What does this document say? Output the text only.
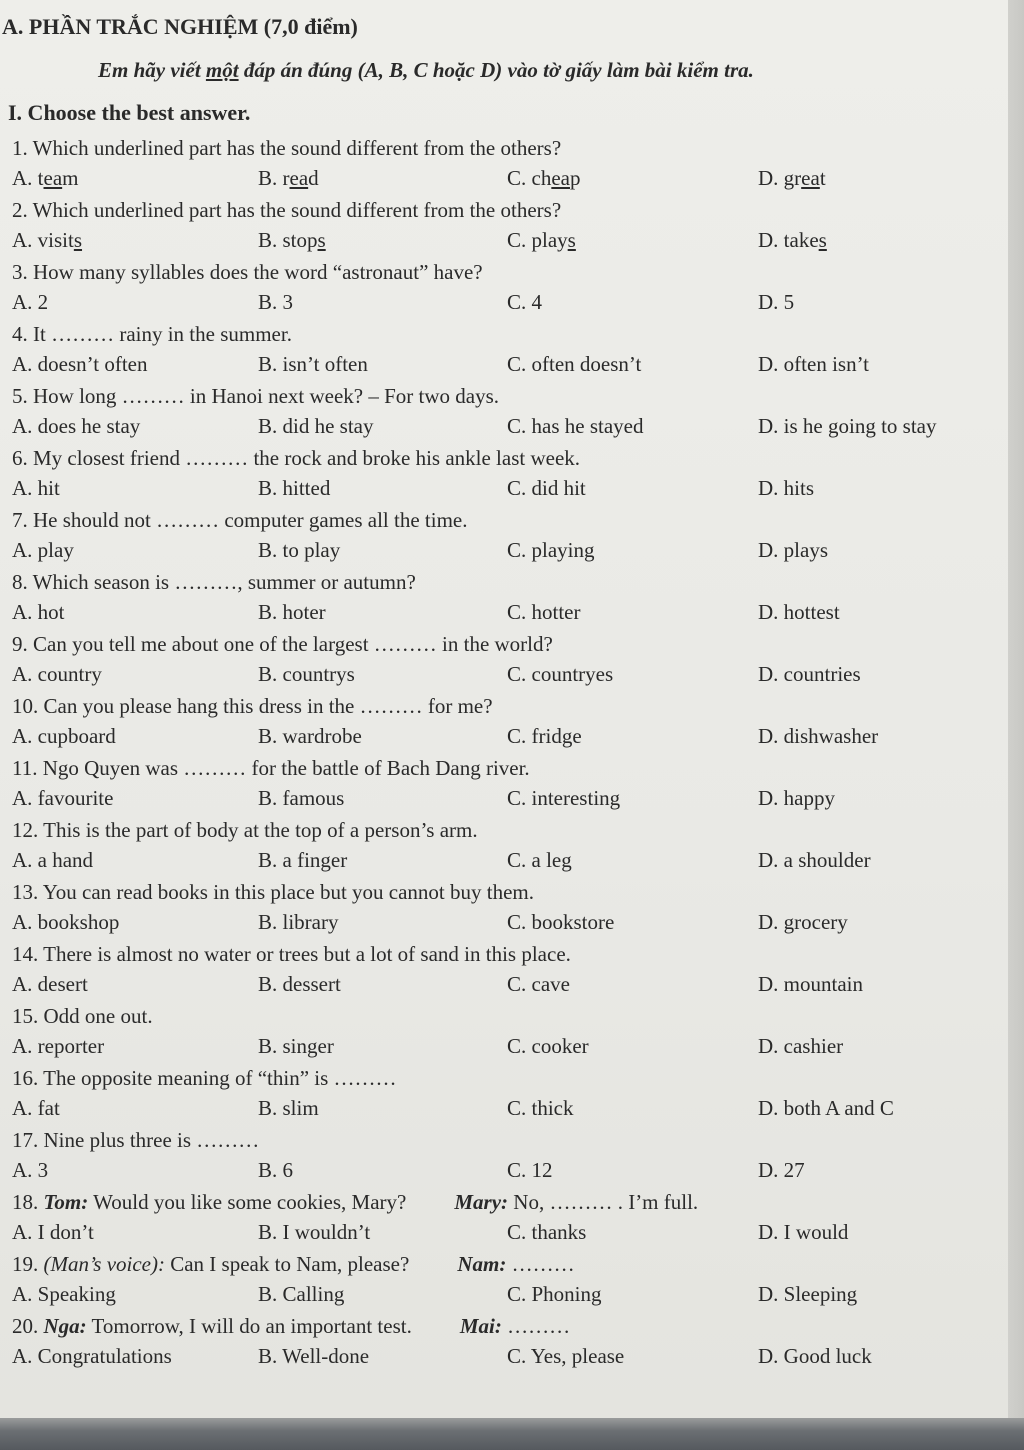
A. PHẦN TRẮC NGHIỆM (7,0 điểm)
Em hãy viết một đáp án đúng (A, B, C hoặc D) vào tờ giấy làm bài kiểm tra.
I. Choose the best answer.
1. Which underlined part has the sound different from the others?
A. team	B. read	C. cheap	D. great
2. Which underlined part has the sound different from the others?
A. visits	B. stops	C. plays	D. takes
3. How many syllables does the word “astronaut” have?
A. 2	B. 3	C. 4	D. 5
4. It ……… rainy in the summer.
A. doesn’t often	B. isn’t often	C. often doesn’t	D. often isn’t
5. How long ……… in Hanoi next week? – For two days.
A. does he stay	B. did he stay	C. has he stayed	D. is he going to stay
6. My closest friend ……… the rock and broke his ankle last week.
A. hit	B. hitted	C. did hit	D. hits
7. He should not ……… computer games all the time.
A. play	B. to play	C. playing	D. plays
8. Which season is ………, summer or autumn?
A. hot	B. hoter	C. hotter	D. hottest
9. Can you tell me about one of the largest ……… in the world?
A. country	B. countrys	C. countryes	D. countries
10. Can you please hang this dress in the ……… for me?
A. cupboard	B. wardrobe	C. fridge	D. dishwasher
11. Ngo Quyen was ……… for the battle of Bach Dang river.
A. favourite	B. famous	C. interesting	D. happy
12. This is the part of body at the top of a person’s arm.
A. a hand	B. a finger	C. a leg	D. a shoulder
13. You can read books in this place but you cannot buy them.
A. bookshop	B. library	C. bookstore	D. grocery
14. There is almost no water or trees but a lot of sand in this place.
A. desert	B. dessert	C. cave	D. mountain
15. Odd one out.
A. reporter	B. singer	C. cooker	D. cashier
16. The opposite meaning of “thin” is ………
A. fat	B. slim	C. thick	D. both A and C
17. Nine plus three is ………
A. 3	B. 6	C. 12	D. 27
18. Tom: Would you like some cookies, Mary? Mary: No, ……… . I’m full.
A. I don’t	B. I wouldn’t	C. thanks	D. I would
19. (Man’s voice): Can I speak to Nam, please? Nam: ………
A. Speaking	B. Calling	C. Phoning	D. Sleeping
20. Nga: Tomorrow, I will do an important test. Mai: ………
A. Congratulations	B. Well-done	C. Yes, please	D. Good luck
